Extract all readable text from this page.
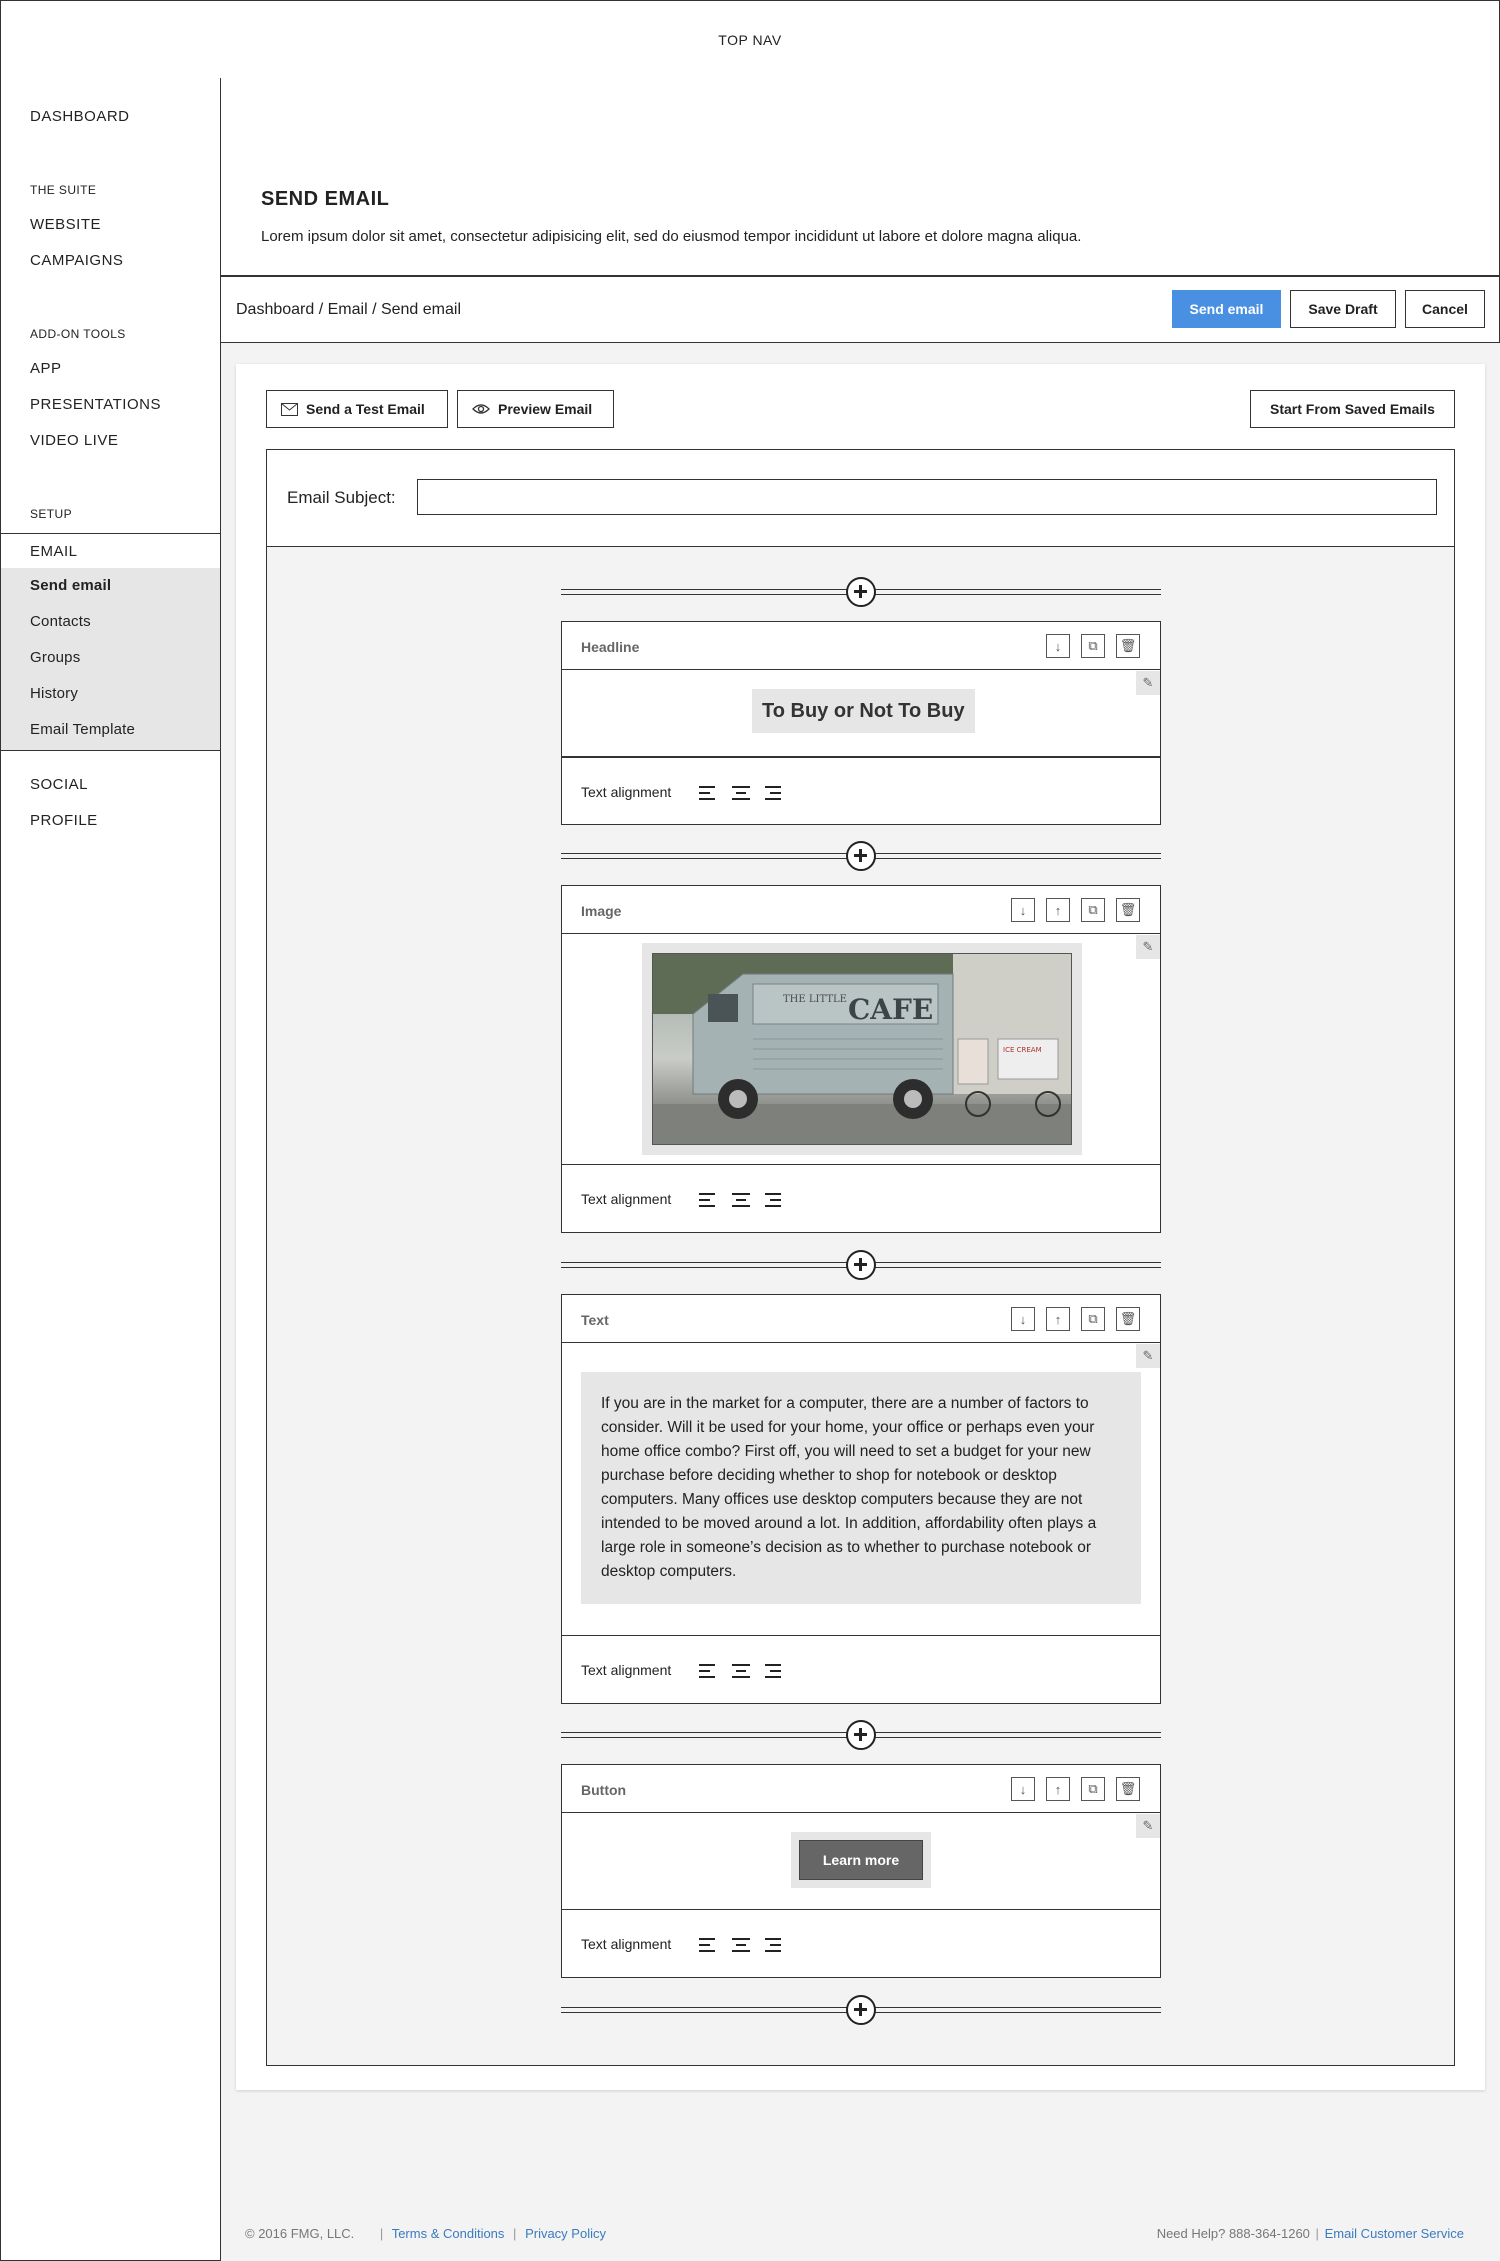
TOP NAV
DASHBOARD
THE SUITE
WEBSITE
CAMPAIGNS
ADD-ON TOOLS
APP
PRESENTATIONS
VIDEO LIVE
SETUP
EMAIL
Send email
Contacts
Groups
History
Email Template
SOCIAL
PROFILE
SEND EMAIL
Lorem ipsum dolor sit amet, consectetur adipisicing elit, sed do eiusmod tempor incididunt ut labore et dolore magna aliqua.
Dashboard / Email / Send email	Send email	Save Draft	Cancel
Send a Test Email	Preview Email	Start From Saved Emails
Email Subject:
Headline	↓	⧉	🗑
✎
To Buy or Not To Buy
Text alignment
Image	↓	↑	⧉	🗑
✎
THE LITTLE CAFE
ICE CREAM
Text alignment
Text	↓	↑	⧉	🗑
✎
If you are in the market for a computer, there are a number of factors to consider. Will it be used for your home, your office or perhaps even your home office combo? First off, you will need to set a budget for your new purchase before deciding whether to shop for notebook or desktop computers. Many offices use desktop computers because they are not intended to be moved around a lot. In addition, affordability often plays a large role in someone’s decision as to whether to purchase notebook or desktop computers.
Text alignment
Button	↓	↑	⧉	🗑
✎
Learn more
Text alignment
© 2016 FMG, LLC. | Terms & Conditions | Privacy Policy	Need Help? 888-364-1260 | Email Customer Service
